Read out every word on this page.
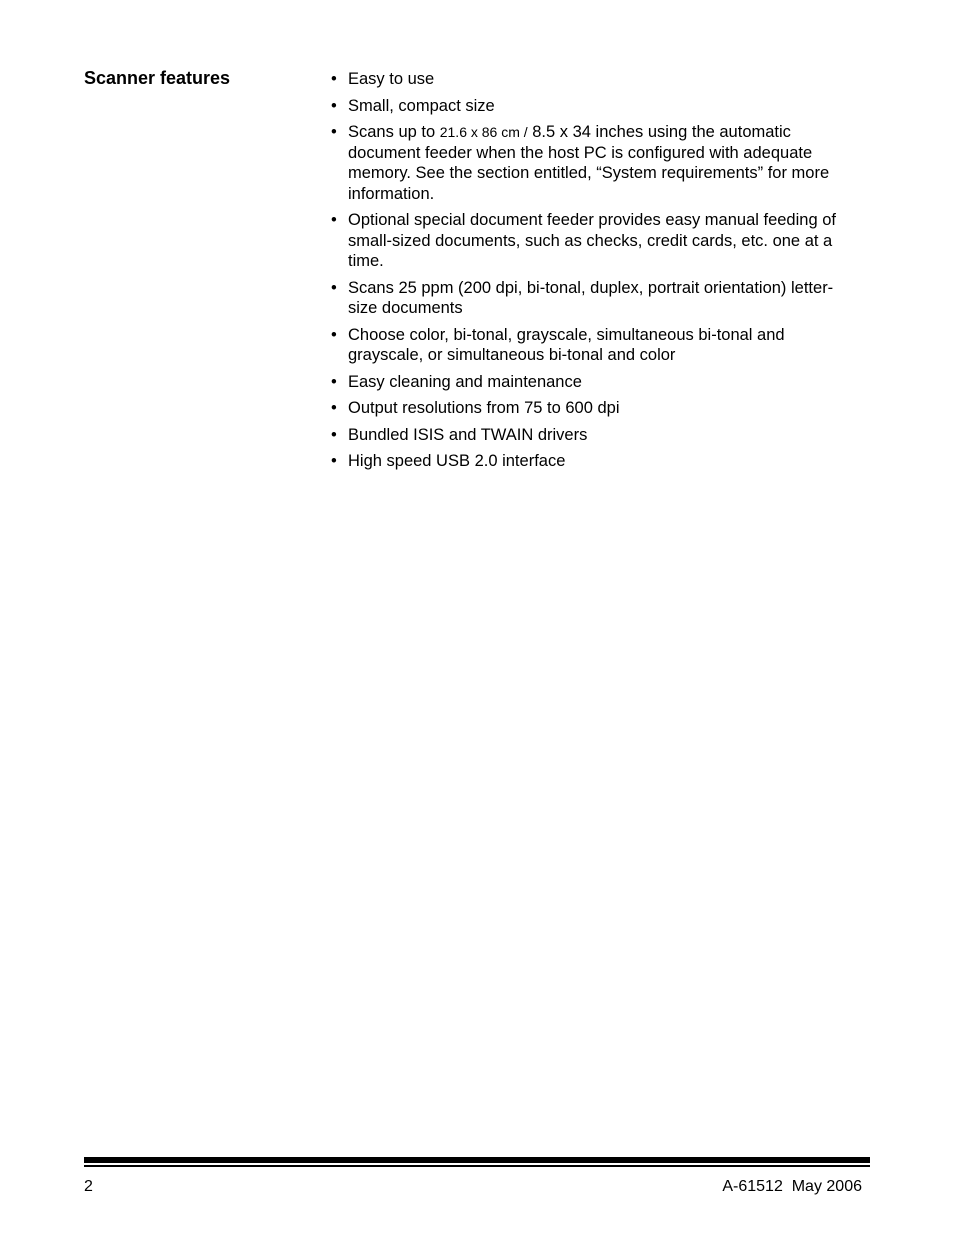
Scanner features	• Easy to use
• Small, compact size
• Scans up to 21.6 x 86 cm / 8.5 x 34 inches using the automatic document feeder when the host PC is configured with adequate memory. See the section entitled, “System requirements” for more information.
• Optional special document feeder provides easy manual feeding of small-sized documents, such as checks, credit cards, etc. one at a time.
• Scans 25 ppm (200 dpi, bi-tonal, duplex, portrait orientation) letter-size documents
• Choose color, bi-tonal, grayscale, simultaneous bi-tonal and grayscale, or simultaneous bi-tonal and color
• Easy cleaning and maintenance
• Output resolutions from 75 to 600 dpi
• Bundled ISIS and TWAIN drivers
• High speed USB 2.0 interface
2	A-61512  May 2006
